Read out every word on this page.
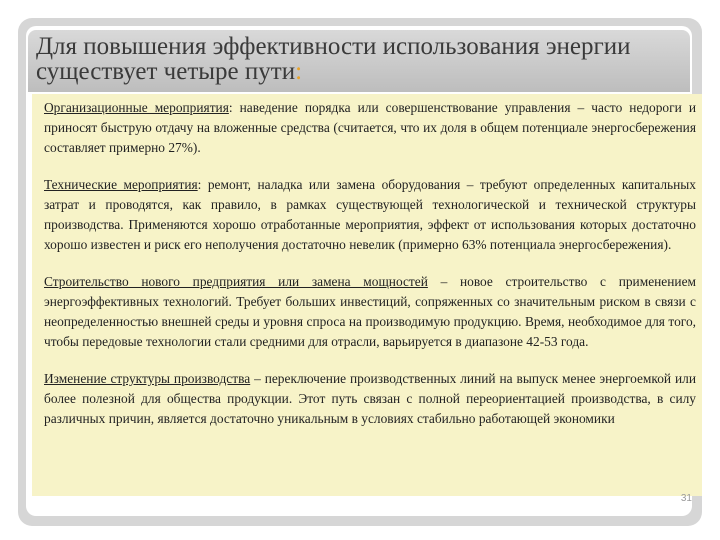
Для повышения эффективности использования энергии существует четыре пути:

Организационные мероприятия: наведение порядка или совершенствование управления – часто недороги и приносят быструю отдачу на вложенные средства (считается, что их доля в общем потенциале энергосбережения составляет примерно 27%).

Технические мероприятия: ремонт, наладка или замена оборудования – требуют определенных капитальных затрат и проводятся, как правило, в рамках существующей технологической и технической структуры производства. Применяются хорошо отработанные мероприятия, эффект от использования которых достаточно хорошо известен и риск его неполучения достаточно невелик (примерно 63% потенциала энергосбережения).

Строительство нового предприятия или замена мощностей – новое строительство с применением энергоэффективных технологий. Требует больших инвестиций, сопряженных со значительным риском в связи с неопределенностью внешней среды и уровня спроса на производимую продукцию. Время, необходимое для того, чтобы передовые технологии стали средними для отрасли, варьируется в диапазоне 42-53 года.

Изменение структуры производства – переключение производственных линий на выпуск менее энергоемкой или более полезной для общества продукции. Этот путь связан с полной переориентацией производства, в силу различных причин, является достаточно уникальным в условиях стабильно работающей экономики

31
